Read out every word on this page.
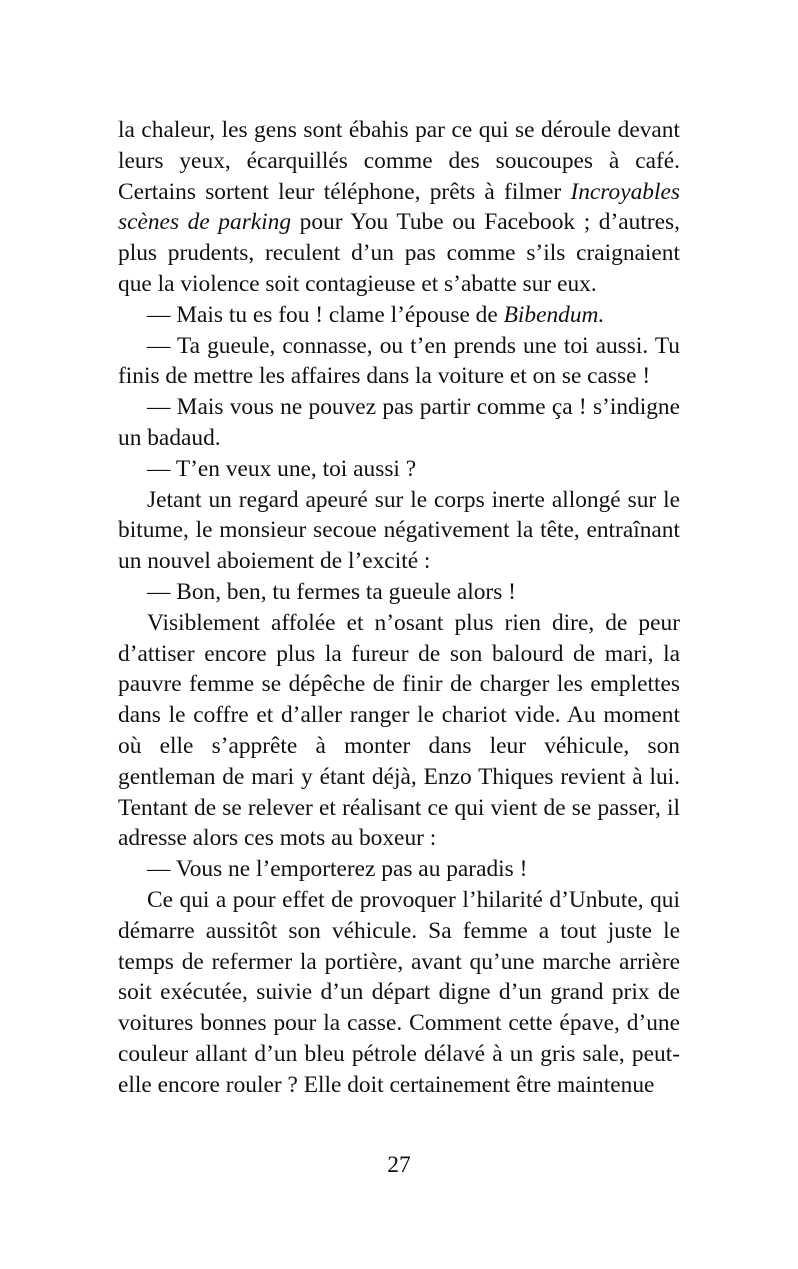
la chaleur, les gens sont ébahis par ce qui se déroule devant leurs yeux, écarquillés comme des soucoupes à café. Certains sortent leur téléphone, prêts à filmer Incroyables scènes de parking pour You Tube ou Facebook ; d’autres, plus prudents, reculent d’un pas comme s’ils craignaient que la violence soit contagieuse et s’abatte sur eux.

— Mais tu es fou ! clame l’épouse de Bibendum.

— Ta gueule, connasse, ou t’en prends une toi aussi. Tu finis de mettre les affaires dans la voiture et on se casse !

— Mais vous ne pouvez pas partir comme ça ! s’indigne un badaud.

— T’en veux une, toi aussi ?

Jetant un regard apeuré sur le corps inerte allongé sur le bitume, le monsieur secoue négativement la tête, entraînant un nouvel aboiement de l’excité :

— Bon, ben, tu fermes ta gueule alors !

Visiblement affolée et n’osant plus rien dire, de peur d’attiser encore plus la fureur de son balourd de mari, la pauvre femme se dépêche de finir de charger les emplettes dans le coffre et d’aller ranger le chariot vide. Au moment où elle s’apprête à monter dans leur véhicule, son gentleman de mari y étant déjà, Enzo Thiques revient à lui. Tentant de se relever et réalisant ce qui vient de se passer, il adresse alors ces mots au boxeur :

— Vous ne l’emporterez pas au paradis !

Ce qui a pour effet de provoquer l’hilarité d’Unbute, qui démarre aussitôt son véhicule. Sa femme a tout juste le temps de refermer la portière, avant qu’une marche arrière soit exécutée, suivie d’un départ digne d’un grand prix de voitures bonnes pour la casse. Comment cette épave, d’une couleur allant d’un bleu pétrole délavé à un gris sale, peut-elle encore rouler ? Elle doit certainement être maintenue

27
